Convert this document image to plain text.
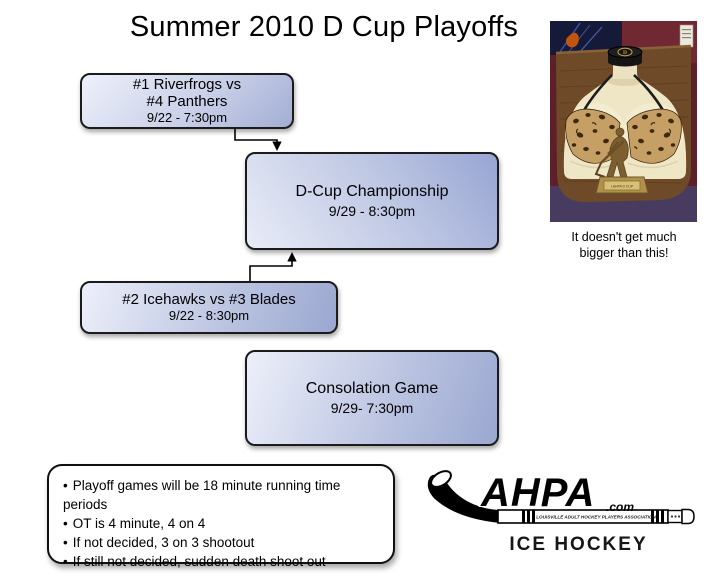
Summer 2010 D Cup Playoffs
#1 Riverfrogs vs
#4 Panthers
9/22 - 7:30pm
D-Cup Championship
9/29 - 8:30pm
#2 Icehawks vs #3 Blades
9/22 - 8:30pm
Consolation Game
9/29- 7:30pm
• Playoff games will be 18 minute running time periods
• OT is 4 minute, 4 on 4
• If not decided, 3 on 3 shootout
• If still not decided, sudden death shoot out
D
LAHPA D CUP
It doesn't get much
bigger than this!
LOUISVILLE ADULT HOCKEY PLAYERS ASSOCIATION
AHPA .com
ICE HOCKEY
